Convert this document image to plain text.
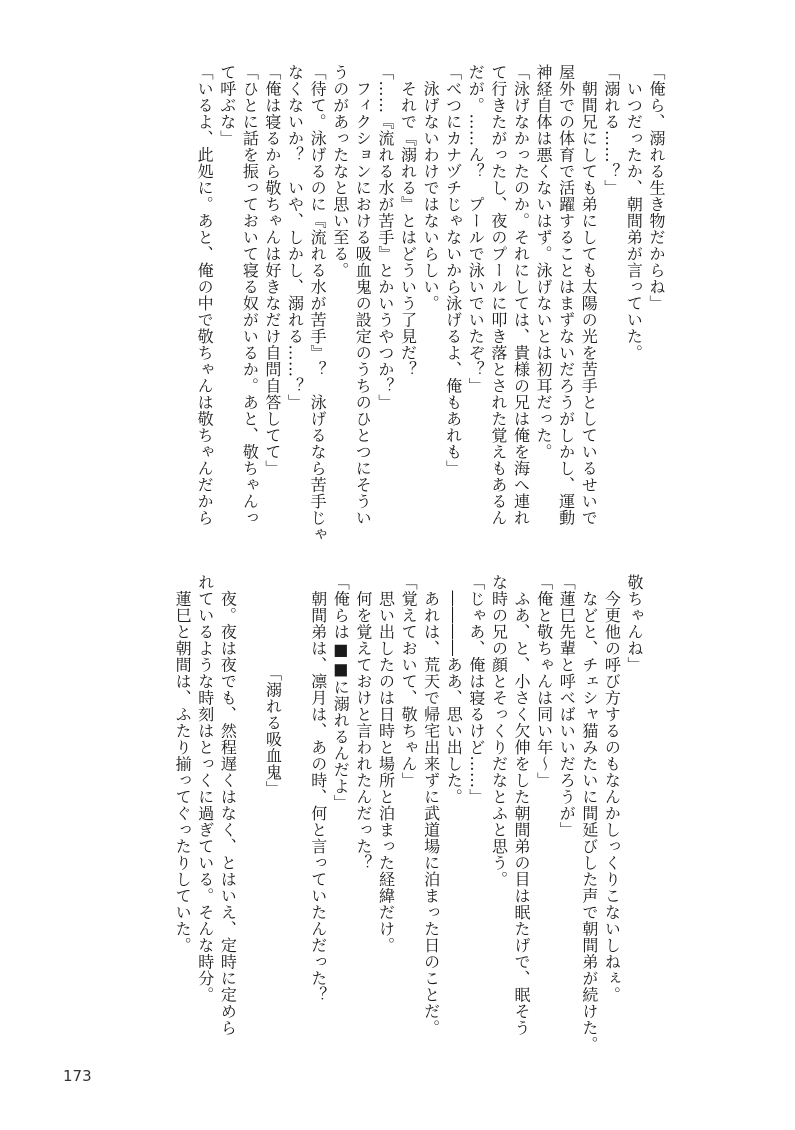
「俺ら、溺れる生き物だからね」
　いつだったか、朝間弟が言っていた。
「溺れる……？」
　朝間兄にしても弟にしても太陽の光を苦手としているせいで
屋外での体育で活躍することはまずないだろうがしかし、運動
神経自体は悪くないはず。泳げないとは初耳だった。
「泳げなかったのか。それにしては、貴様の兄は俺を海へ連れ
て行きたがったし、夜のプールに叩き落とされた覚えもあるん
だが。……ん？　プールで泳いでいたぞ？」
「べつにカナヅチじゃないから泳げるよ、俺もあれも」
　泳げないわけではないらしい。
　それで『溺れる』とはどういう了見だ？
「……『流れる水が苦手』とかいうやつか？」
　フィクションにおける吸血鬼の設定のうちのひとつにそうい
うのがあったなと思い至る。
「待て。泳げるのに『流れる水が苦手』？　泳げるなら苦手じゃ
なくないか？　いや、しかし、溺れる……？」
「俺は寝るから敬ちゃんは好きなだけ自問自答してて」
「ひとに話を振っておいて寝る奴がいるか。あと、敬ちゃんっ
て呼ぶな」
「いるよ、此処に。あと、俺の中で敬ちゃんは敬ちゃんだから
敬ちゃんね」
　今更他の呼び方するのもなんかしっくりこないしねぇ。
　などと、チェシャ猫みたいに間延びした声で朝間弟が続けた。
「蓮巳先輩と呼べばいいだろうが」
「俺と敬ちゃんは同い年～」
　ふあ、と、小さく欠伸をした朝間弟の目は眠たげで、眠そう
な時の兄の顔とそっくりだなとふと思う。
「じゃあ、俺は寝るけど……」
　――――ああ、思い出した。
　あれは、荒天で帰宅出来ずに武道場に泊まった日のことだ。
「覚えておいて、敬ちゃん」
　思い出したのは日時と場所と泊まった経緯だけ。
　何を覚えておけと言われたんだった？
「俺らは■■に溺れるんだよ」
　朝間弟は、凛月は、あの時、何と言っていたんだった？

　　　　　　「溺れる吸血鬼」

　夜。夜は夜でも、然程遅くはなく、とはいえ、定時に定めら
れているような時刻はとっくに過ぎている。そんな時分。
　蓮巳と朝間は、ふたり揃ってぐったりしていた。
173
